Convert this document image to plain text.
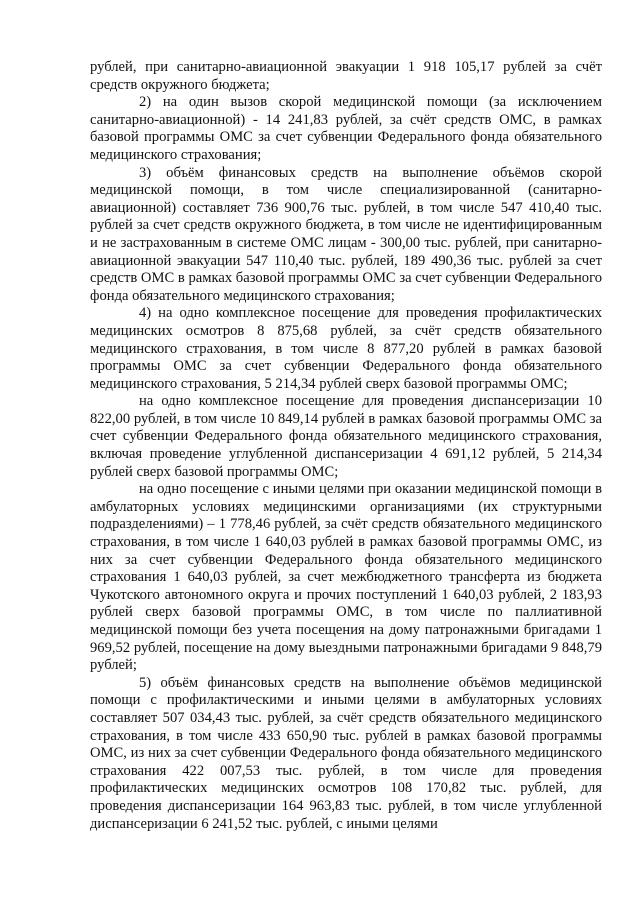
рублей, при санитарно-авиационной эвакуации 1 918 105,17 рублей за счёт средств окружного бюджета;

2) на один вызов скорой медицинской помощи (за исключением санитарно-авиационной) - 14 241,83 рублей, за счёт средств ОМС, в рамках базовой программы ОМС за счет субвенции Федерального фонда обязательного медицинского страхования;

3) объём финансовых средств на выполнение объёмов скорой медицинской помощи, в том числе специализированной (санитарно-авиационной) составляет 736 900,76 тыс. рублей, в том числе 547 410,40 тыс. рублей за счет средств окружного бюджета, в том числе не идентифицированным и не застрахованным в системе ОМС лицам - 300,00 тыс. рублей, при санитарно-авиационной эвакуации 547 110,40 тыс. рублей, 189 490,36 тыс. рублей за счет средств ОМС в рамках базовой программы ОМС за счет субвенции Федерального фонда обязательного медицинского страхования;

4) на одно комплексное посещение для проведения профилактических медицинских осмотров 8 875,68 рублей, за счёт средств обязательного медицинского страхования, в том числе 8 877,20 рублей в рамках базовой программы ОМС за счет субвенции Федерального фонда обязательного медицинского страхования, 5 214,34 рублей сверх базовой программы ОМС;

на одно комплексное посещение для проведения диспансеризации 10 822,00 рублей, в том числе 10 849,14 рублей в рамках базовой программы ОМС за счет субвенции Федерального фонда обязательного медицинского страхования, включая проведение углубленной диспансеризации 4 691,12 рублей, 5 214,34 рублей сверх базовой программы ОМС;

на одно посещение с иными целями при оказании медицинской помощи в амбулаторных условиях медицинскими организациями (их структурными подразделениями) – 1 778,46 рублей, за счёт средств обязательного медицинского страхования, в том числе 1 640,03 рублей в рамках базовой программы ОМС, из них за счет субвенции Федерального фонда обязательного медицинского страхования 1 640,03 рублей, за счет межбюджетного трансферта из бюджета Чукотского автономного округа и прочих поступлений 1 640,03 рублей, 2 183,93 рублей сверх базовой программы ОМС, в том числе по паллиативной медицинской помощи без учета посещения на дому патронажными бригадами 1 969,52 рублей, посещение на дому выездными патронажными бригадами 9 848,79 рублей;

5) объём финансовых средств на выполнение объёмов медицинской помощи с профилактическими и иными целями в амбулаторных условиях составляет 507 034,43 тыс. рублей, за счёт средств обязательного медицинского страхования, в том числе 433 650,90 тыс. рублей в рамках базовой программы ОМС, из них за счет субвенции Федерального фонда обязательного медицинского страхования 422 007,53 тыс. рублей, в том числе для проведения профилактических медицинских осмотров 108 170,82 тыс. рублей, для проведения диспансеризации 164 963,83 тыс. рублей, в том числе углубленной диспансеризации 6 241,52 тыс. рублей, с иными целями
